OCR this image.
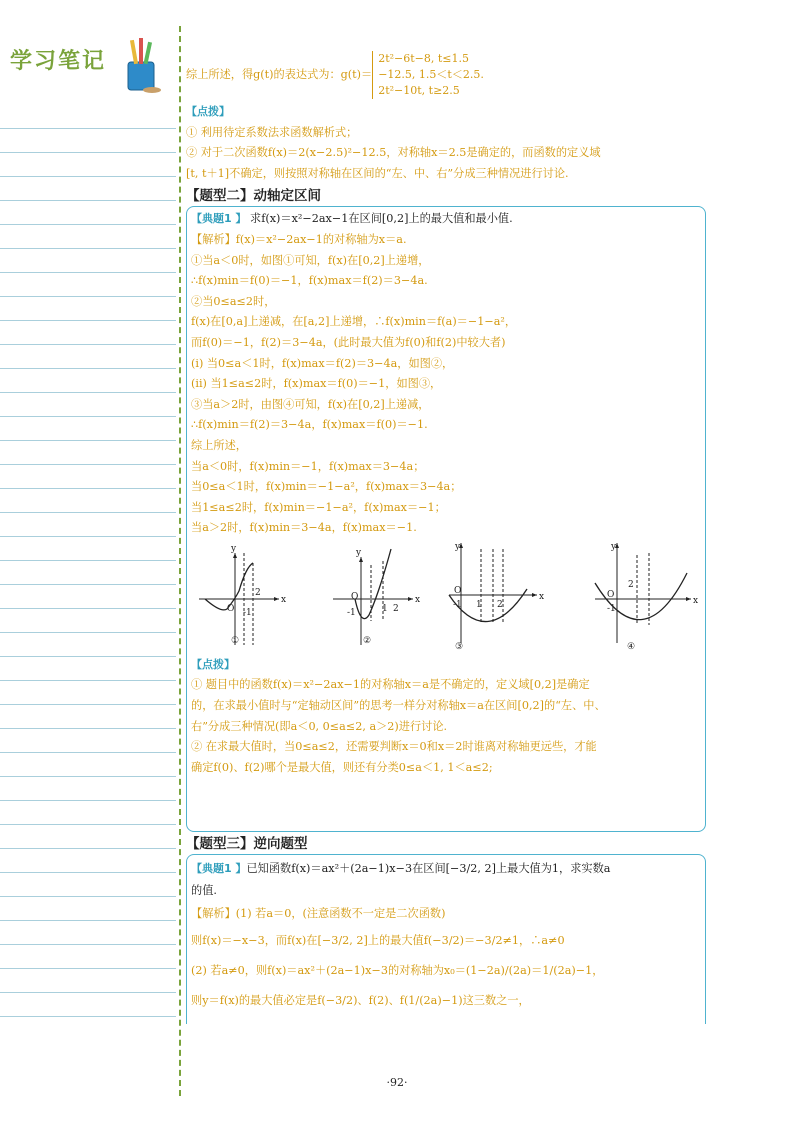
学习笔记
综上所述，得g(t)的表达式为：g(t)＝
2t²−6t−8, t≤1.5
−12.5, 1.5＜t＜2.5
2t²−10t, t≥2.5
.
【点拨】
① 利用待定系数法求函数解析式；
② 对于二次函数f(x)＝2(x−2.5)²−12.5，对称轴x＝2.5是确定的，而函数的定义域
[t, t＋1]不确定，则按照对称轴在区间的“左、中、右”分成三种情况进行讨论.
【题型二】动轴定区间
【典题1 】 求f(x)＝x²−2ax−1在区间[0,2]上的最大值和最小值.
【解析】f(x)＝x²−2ax−1的对称轴为x＝a.
①当a＜0时，如图①可知，f(x)在[0,2]上递增，
∴f(x)min＝f(0)＝−1，f(x)max＝f(2)＝3−4a.
②当0≤a≤2时，
f(x)在[0,a]上递减，在[a,2]上递增，∴f(x)min＝f(a)＝−1−a²，
而f(0)＝−1，f(2)＝3−4a，(此时最大值为f(0)和f(2)中较大者)
(i) 当0≤a＜1时，f(x)max＝f(2)＝3−4a，如图②，
(ii) 当1≤a≤2时，f(x)max＝f(0)＝−1，如图③，
③当a＞2时，由图④可知，f(x)在[0,2]上递减，
∴f(x)min＝f(2)＝3−4a，f(x)max＝f(0)＝−1.
综上所述，
当a＜0时，f(x)min＝−1，f(x)max＝3−4a；
当0≤a＜1时，f(x)min＝−1−a²，f(x)max＝3−4a；
当1≤a≤2时，f(x)min＝−1−a²，f(x)max＝−1；
当a＞2时，f(x)min＝3−4a，f(x)max＝−1.
y
x
O -1
2
①
y
x
O
-1	1 2
②
y
x
O
-1 1 2
③
y
x
O
-1
2
④
【点拨】
① 题目中的函数f(x)＝x²−2ax−1的对称轴x＝a是不确定的，定义域[0,2]是确定
的，在求最小值时与“定轴动区间”的思考一样分对称轴x＝a在区间[0,2]的“左、中、
右”分成三种情况(即a＜0, 0≤a≤2, a＞2)进行讨论.
② 在求最大值时，当0≤a≤2，还需要判断x＝0和x＝2时谁离对称轴更远些，才能
确定f(0)、f(2)哪个是最大值，则还有分类0≤a＜1, 1＜a≤2;
【题型三】逆向题型
【典题1 】已知函数f(x)＝ax²＋(2a−1)x−3在区间[−3/2, 2]上最大值为1，求实数a
的值.
【解析】(1) 若a＝0，(注意函数不一定是二次函数)
则f(x)＝−x−3，而f(x)在[−3/2, 2]上的最大值f(−3/2)＝−3/2≠1，∴a≠0
(2) 若a≠0，则f(x)＝ax²＋(2a−1)x−3的对称轴为x₀＝(1−2a)/(2a)＝1/(2a)−1，
则y＝f(x)的最大值必定是f(−3/2)、f(2)、f(1/(2a)−1)这三数之一，
·92·
